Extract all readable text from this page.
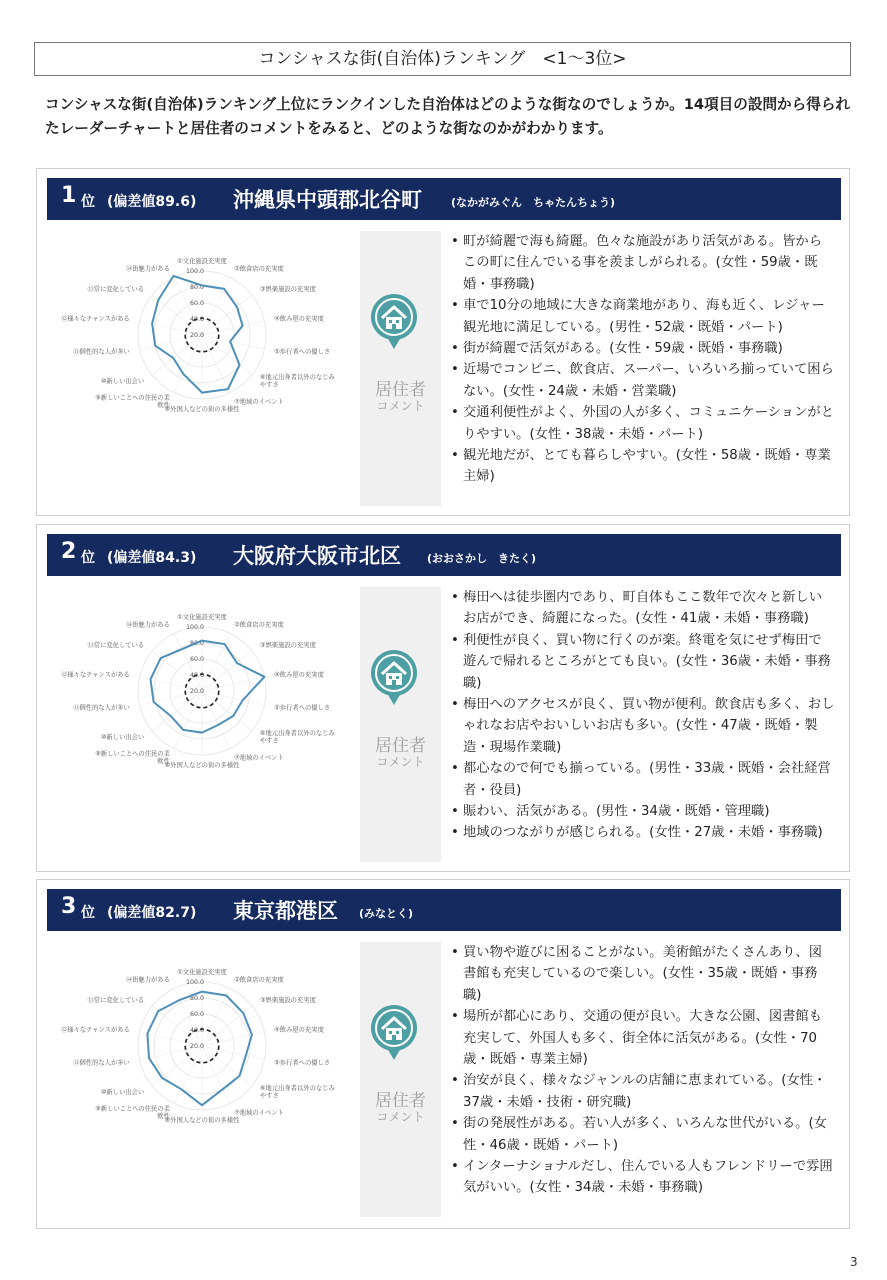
コンシャスな街(自治体)ランキング　<1〜3位>
コンシャスな街(自治体)ランキング上位にランクインした自治体はどのような街なのでしょうか。14項目の設問から得られたレーダーチャートと居住者のコメントをみると、どのような街なのかがわかります。
1 位 (偏差値89.6) 沖縄県中頭郡北谷町	(なかがみぐん　ちゃたんちょう)
100.0
80.0
60.0
40.0
20.0
①文化施設充実度
②飲食店の充実度
③娯楽施設の充実度
④飲み屋の充実度
⑤歩行者への優しさ
⑥地元出身者以外のなじみやすさ
⑦地域のイベント
⑧外国人などの街の多様性
⑨新しいことへの住民の柔軟性
⑩新しい出会い
⑪個性的な人が多い
⑫様々なチャンスがある
⑬常に変化している
⑭街魅力がある
居住者
コメント
• 町が綺麗で海も綺麗。色々な施設があり活気がある。皆からこの町に住んでいる事を羨ましがられる。(女性・59歳・既婚・事務職)
• 車で10分の地域に大きな商業地があり、海も近く、レジャー観光地に満足している。(男性・52歳・既婚・パート)
• 街が綺麗で活気がある。(女性・59歳・既婚・事務職)
• 近場でコンビニ、飲食店、スーパー、いろいろ揃っていて困らない。(女性・24歳・未婚・営業職)
• 交通利便性がよく、外国の人が多く、コミュニケーションがとりやすい。(女性・38歳・未婚・パート)
• 観光地だが、とても暮らしやすい。(女性・58歳・既婚・専業主婦)
2 位 (偏差値84.3) 大阪府大阪市北区 (おおさかし　きたく)
100.0
80.0
60.0
40.0
20.0
①文化施設充実度
②飲食店の充実度
③娯楽施設の充実度
④飲み屋の充実度
⑤歩行者への優しさ
⑥地元出身者以外のなじみやすさ
⑦地域のイベント
⑧外国人などの街の多様性
⑨新しいことへの住民の柔軟性
⑩新しい出会い
⑪個性的な人が多い
⑫様々なチャンスがある
⑬常に変化している
⑭街魅力がある
居住者
コメント
• 梅田へは徒歩圏内であり、町自体もここ数年で次々と新しいお店ができ、綺麗になった。(女性・41歳・未婚・事務職)
• 利便性が良く、買い物に行くのが楽。終電を気にせず梅田で遊んで帰れるところがとても良い。(女性・36歳・未婚・事務職)
• 梅田へのアクセスが良く、買い物が便利。飲食店も多く、おしゃれなお店やおいしいお店も多い。(女性・47歳・既婚・製造・現場作業職)
• 都心なので何でも揃っている。(男性・33歳・既婚・会社経営者・役員)
• 賑わい、活気がある。(男性・34歳・既婚・管理職)
• 地域のつながりが感じられる。(女性・27歳・未婚・事務職)
3 位 (偏差値82.7) 東京都港区 (みなとく)
100.0
80.0
60.0
40.0
20.0
①文化施設充実度
②飲食店の充実度
③娯楽施設の充実度
④飲み屋の充実度
⑤歩行者への優しさ
⑥地元出身者以外のなじみやすさ
⑦地域のイベント
⑧外国人などの街の多様性
⑨新しいことへの住民の柔軟性
⑩新しい出会い
⑪個性的な人が多い
⑫様々なチャンスがある
⑬常に変化している
⑭街魅力がある
居住者
コメント
• 買い物や遊びに困ることがない。美術館がたくさんあり、図書館も充実しているので楽しい。(女性・35歳・既婚・事務職)
• 場所が都心にあり、交通の便が良い。大きな公園、図書館も充実して、外国人も多く、街全体に活気がある。(女性・70歳・既婚・専業主婦)
• 治安が良く、様々なジャンルの店舗に恵まれている。(女性・37歳・未婚・技術・研究職)
• 街の発展性がある。若い人が多く、いろんな世代がいる。(女性・46歳・既婚・パート)
• インターナショナルだし、住んでいる人もフレンドリーで雰囲気がいい。(女性・34歳・未婚・事務職)
3
